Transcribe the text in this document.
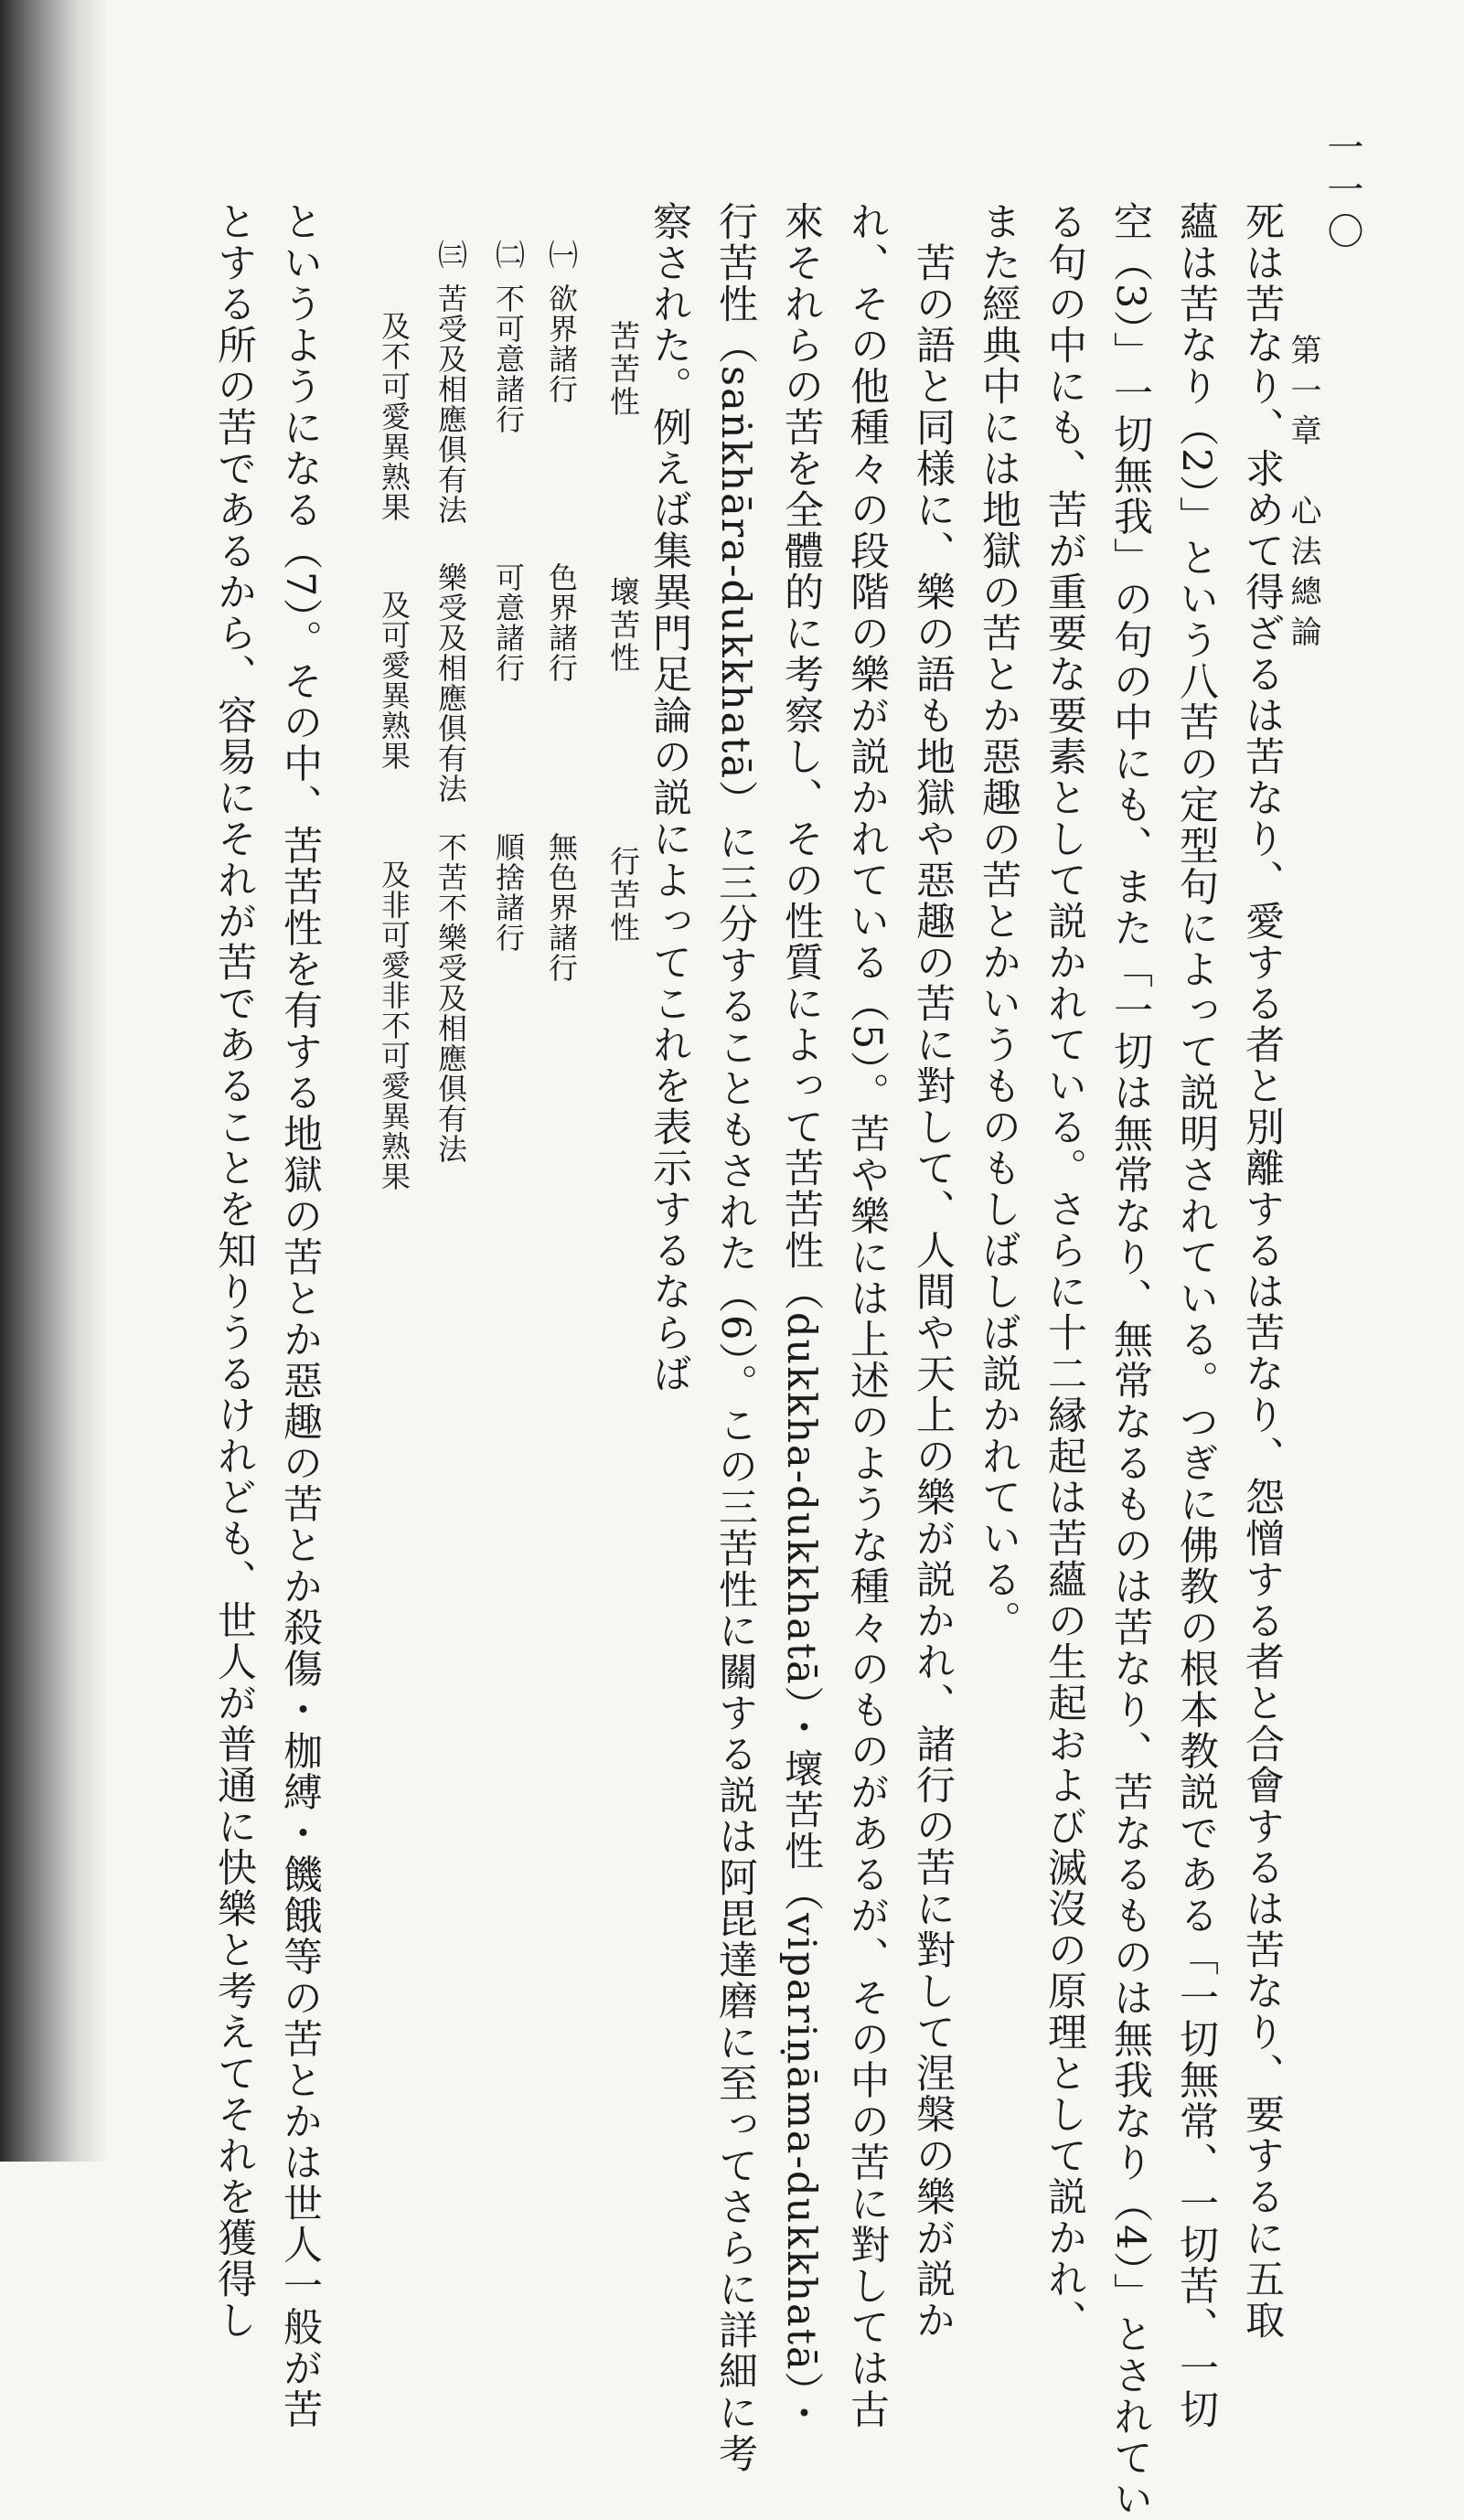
一一〇
第一章　心法總論
死は苦なり、求めて得ざるは苦なり、愛する者と別離するは苦なり、怨憎する者と合會するは苦なり、要するに五取
蘊は苦なり（2）」という八苦の定型句によって説明されている。つぎに佛教の根本教説である「一切無常、一切苦、一切
空（3）」一切無我」の句の中にも、また「一切は無常なり、無常なるものは苦なり、苦なるものは無我なり（4）」とされてい
る句の中にも、苦が重要な要素として説かれている。さらに十二縁起は苦蘊の生起および滅沒の原理として説かれ、
また經典中には地獄の苦とか惡趣の苦とかいうものもしばしば説かれている。
　苦の語と同様に、樂の語も地獄や惡趣の苦に對して、人間や天上の樂が説かれ、諸行の苦に對して涅槃の樂が説か
れ、その他種々の段階の樂が説かれている（5）。苦や樂には上述のような種々のものがあるが、その中の苦に對しては古
來それらの苦を全體的に考察し、その性質によって苦苦性（dukkha-dukkhatā）・壞苦性（vipariṇāma-dukkhatā）・
行苦性（saṅkhāra-dukkhatā）に三分することもされた（6）。この三苦性に關する説は阿毘達磨に至ってさらに詳細に考
察された。例えば集異門足論の説によってこれを表示するならば
苦苦性
壞苦性
行苦性
㈠
欲界諸行
色界諸行
無色界諸行
㈡
不可意諸行
可意諸行
順捨諸行
㈢
苦受及相應俱有法
樂受及相應俱有法
不苦不樂受及相應俱有法
及不可愛異熟果
及可愛異熟果
及非可愛非不可愛異熟果
というようになる（7）。その中、苦苦性を有する地獄の苦とか惡趣の苦とか殺傷・枷縛・饑餓等の苦とかは世人一般が苦
とする所の苦であるから、容易にそれが苦であることを知りうるけれども、世人が普通に快樂と考えてそれを獲得し
